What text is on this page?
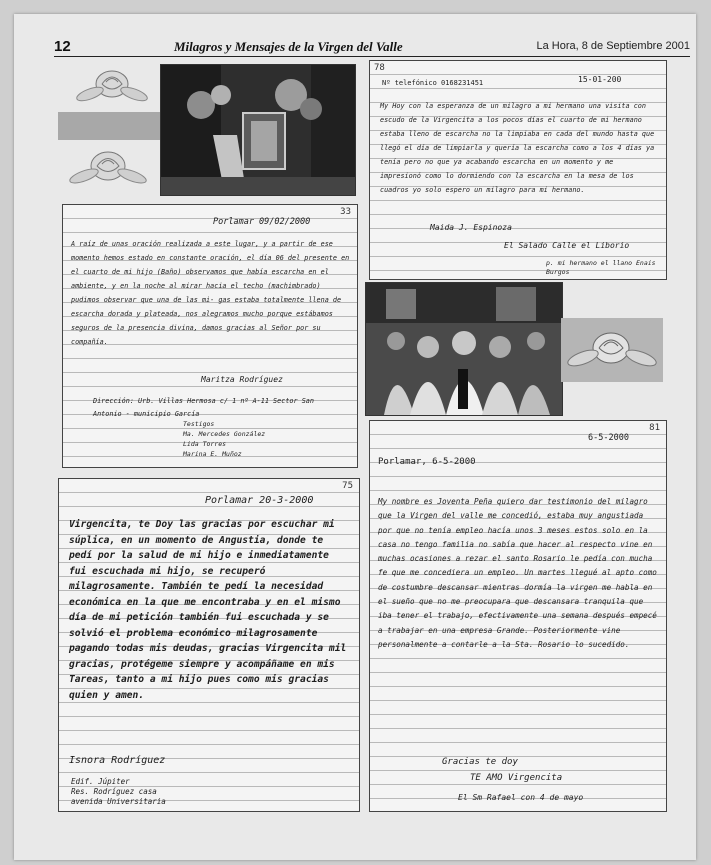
12	Milagros y Mensajes de la Virgen del Valle	La Hora, 8 de Septiembre 2001
78
Nº telefónico 0168231451	15-01-200

My Hoy con la esperanza de un milagro a mi hermano una visita con escudo de la Virgencita a los pocos días el cuarto de mi hermano estaba lleno de escarcha no la limpiaba en cada del mundo hasta que llegó el día de limpiarla y quería la escarcha como a los 4 días ya tenía pero no que ya acabando escarcha en un momento y me impresionó como lo dormiendo con la escarcha en la mesa de los cuadros yo solo espero un milagro para mi hermano.

Maida J. Espinoza
El Salado Calle el Liborio
p. mi hermano el llano Enais Burgos
33
Porlamar 09/02/2000

A raíz de unas oración realizada a este lugar, y a partir de ese momento hemos estado en constante oración, el día 06 del presente en el cuarto de mi hijo (Baño) observamos que había escarcha en el ambiente, y en la noche al mirar hacia el techo (machimbrado) pudimos observar que una de las mi- gas estaba totalmente llena de escarcha dorada y plateada, nos alegramos mucho porque estábamos seguros de la presencia divina, damos gracias al Señor por su compañía.

Maritza Rodríguez
Dirección: Urb. Villas Hermosa c/ 1 nº A-11 Sector San Antonio - municipio García
Testigos
Ma. Mercedes González
Lida Torres
Marina E. Muñoz
75
Porlamar 20-3-2000

Virgencita, te Doy las gracias por escuchar mi súplica, en un momento de Angustia, donde te pedí por la salud de mi hijo e inmediatamente fui escuchada mi hijo, se recuperó milagrosamente. También te pedí la necesidad económica en la que me encontraba y en el mismo día de mi petición también fui escuchada y se solvió el problema económico milagrosamente pagando todas mis deudas, gracias Virgencita mil gracias, protégeme siempre y acompáñame en mis Tareas, tanto a mi hijo pues como mis gracias quien y amen.

Isnora Rodríguez
Edif. Júpiter
Res. Rodríguez casa
avenida Universitaria
81
6-5-2000
Porlamar, 6-5-2000

My nombre es Joventa Peña quiero dar testimonio del milagro que la Virgen del valle me concedió, estaba muy angustiada por que no tenía empleo hacía unos 3 meses estos solo en la casa no tengo familia no sabía que hacer al respecto vine en muchas ocasiones a rezar el santo Rosario le pedía con mucha fe que me concediera un empleo. Un martes llegué al apto como de costumbre descansar mientras dormía la virgen me habla en el sueño que no me preocupara que descansara tranquila que iba tener el trabajo, efectivamente una semana después empecé a trabajar en una empresa Grande. Posteriormente vine personalmente a contarle a la Sta. Rosario lo sucedido.

Gracias te doy
TE AMO Virgencita
El Sm Rafael con 4 de mayo
